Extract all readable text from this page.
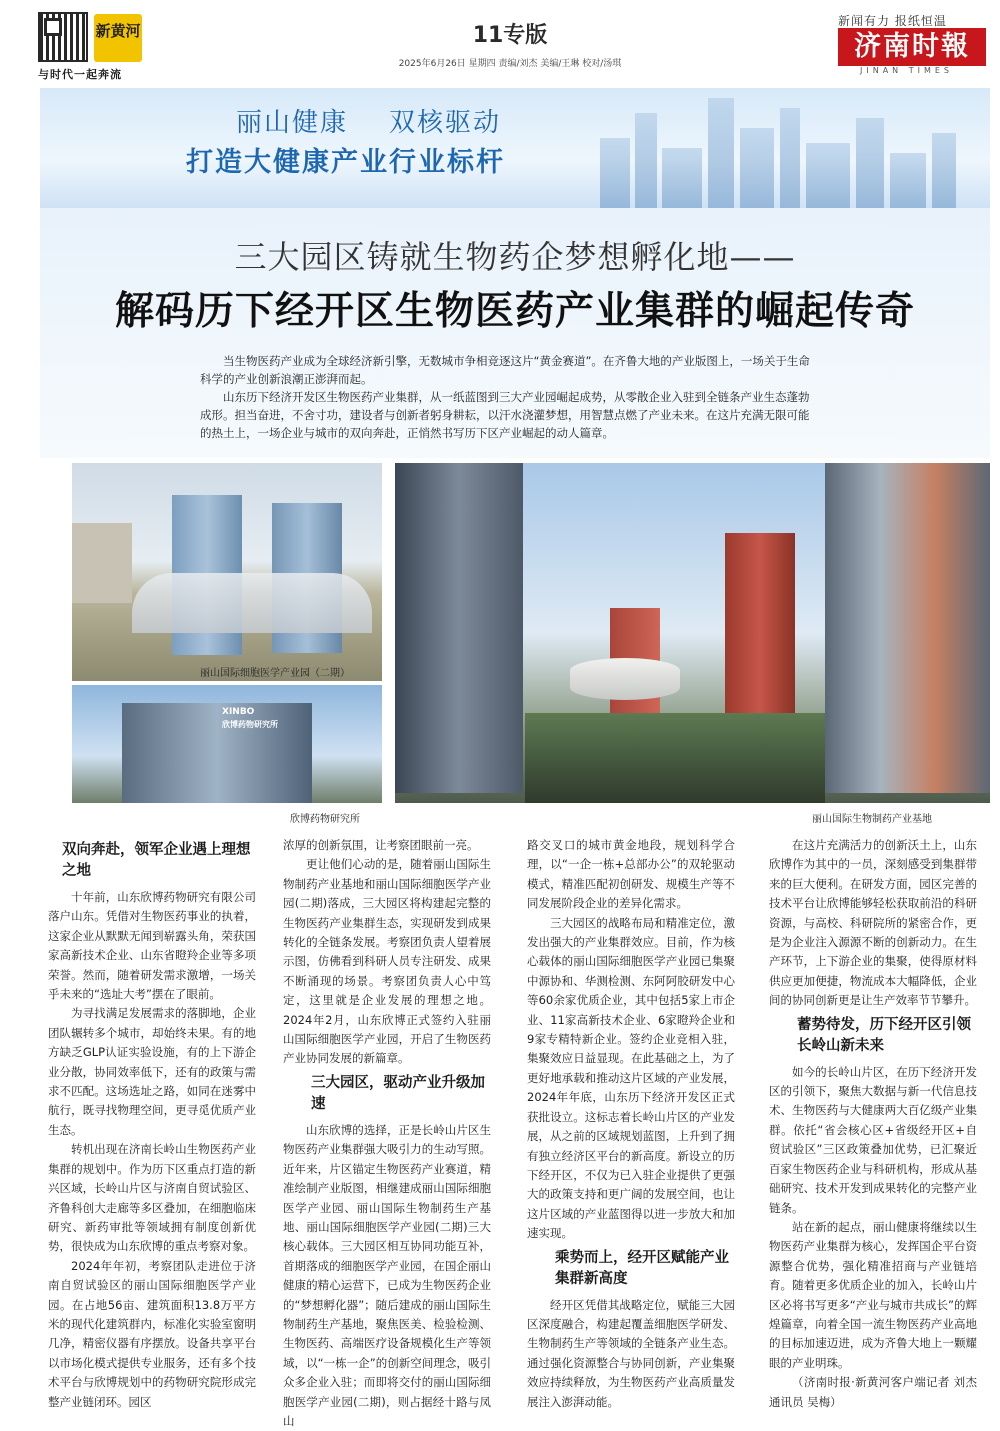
新黄河
与时代一起奔流
11专版
2025年6月26日 星期四 责编/刘杰 美编/王琳 校对/汤琪
新闻有力 报纸恒温
济南时報
JINAN TIMES
丽山健康    双核驱动
打造大健康产业行业标杆
三大园区铸就生物药企梦想孵化地——
解码历下经开区生物医药产业集群的崛起传奇

当生物医药产业成为全球经济新引擎，无数城市争相竞逐这片“黄金赛道”。在齐鲁大地的产业版图上，一场关于生命科学的产业创新浪潮正澎湃而起。

山东历下经济开发区生物医药产业集群，从一纸蓝图到三大产业园崛起成势，从零散企业入驻到全链条产业生态蓬勃成形。担当奋进，不舍寸功，建设者与创新者躬身耕耘，以汗水浇灌梦想，用智慧点燃了产业未来。在这片充满无限可能的热土上，一场企业与城市的双向奔赴，正悄然书写历下区产业崛起的动人篇章。

丽山国际细胞医学产业园（二期）
XINBO
欣博药物研究所
欣博药物研究所	丽山国际生物制药产业基地
双向奔赴，领军企业遇上理想之地

十年前，山东欣博药物研究有限公司落户山东。凭借对生物医药事业的执着，这家企业从默默无闻到崭露头角，荣获国家高新技术企业、山东省瞪羚企业等多项荣誉。然而，随着研发需求激增，一场关乎未来的“选址大考”摆在了眼前。

为寻找满足发展需求的落脚地，企业团队辗转多个城市，却始终未果。有的地方缺乏GLP认证实验设施，有的上下游企业分散，协同效率低下，还有的政策与需求不匹配。这场选址之路，如同在迷雾中航行，既寻找物理空间，更寻觅优质产业生态。

转机出现在济南长岭山生物医药产业集群的规划中。作为历下区重点打造的新兴区域，长岭山片区与济南自贸试验区、齐鲁科创大走廊等多区叠加，在细胞临床研究、新药审批等领域拥有制度创新优势，很快成为山东欣博的重点考察对象。

2024年年初，考察团队走进位于济南自贸试验区的丽山国际细胞医学产业园。在占地56亩、建筑面积13.8万平方米的现代化建筑群内，标准化实验室窗明几净，精密仪器有序摆放。设备共享平台以市场化模式提供专业服务，还有多个技术平台与欣博规划中的药物研究院形成完整产业链闭环。园区

浓厚的创新氛围，让考察团眼前一亮。

更让他们心动的是，随着丽山国际生物制药产业基地和丽山国际细胞医学产业园(二期)落成，三大园区将构建起完整的生物医药产业集群生态，实现研发到成果转化的全链条发展。考察团负责人望着展示图，仿佛看到科研人员专注研发、成果不断涌现的场景。考察团负责人心中笃定，这里就是企业发展的理想之地。2024年2月，山东欣博正式签约入驻丽山国际细胞医学产业园，开启了生物医药产业协同发展的新篇章。

三大园区，驱动产业升级加速

山东欣博的选择，正是长岭山片区生物医药产业集群强大吸引力的生动写照。近年来，片区锚定生物医药产业赛道，精准绘制产业版图，相继建成丽山国际细胞医学产业园、丽山国际生物制药生产基地、丽山国际细胞医学产业园(二期)三大核心载体。三大园区相互协同功能互补，首期落成的细胞医学产业园，在国企丽山健康的精心运营下，已成为生物医药企业的“梦想孵化器”；随后建成的丽山国际生物制药生产基地，聚焦医美、检验检测、生物医药、高端医疗设备规模化生产等领域，以“一栋一企”的创新空间理念，吸引众多企业入驻；而即将交付的丽山国际细胞医学产业园(二期)，则占据经十路与凤山

路交叉口的城市黄金地段，规划科学合理，以“一企一栋+总部办公”的双轮驱动模式，精准匹配初创研发、规模生产等不同发展阶段企业的差异化需求。

三大园区的战略布局和精准定位，激发出强大的产业集群效应。目前，作为核心载体的丽山国际细胞医学产业园已集聚中源协和、华测检测、东阿阿胶研发中心等60余家优质企业，其中包括5家上市企业、11家高新技术企业、6家瞪羚企业和9家专精特新企业。签约企业竞相入驻，集聚效应日益显现。在此基础之上，为了更好地承载和推动这片区域的产业发展，2024年年底，山东历下经济开发区正式获批设立。这标志着长岭山片区的产业发展，从之前的区域规划蓝图，上升到了拥有独立经济区平台的新高度。新设立的历下经开区，不仅为已入驻企业提供了更强大的政策支持和更广阔的发展空间，也让这片区域的产业蓝图得以进一步放大和加速实现。

乘势而上，经开区赋能产业集群新高度

经开区凭借其战略定位，赋能三大园区深度融合，构建起覆盖细胞医学研发、生物制药生产等领域的全链条产业生态。通过强化资源整合与协同创新，产业集聚效应持续释放，为生物医药产业高质量发展注入澎湃动能。

在这片充满活力的创新沃土上，山东欣博作为其中的一员，深刻感受到集群带来的巨大便利。在研发方面，园区完善的技术平台让欣博能够轻松获取前沿的科研资源，与高校、科研院所的紧密合作，更是为企业注入源源不断的创新动力。在生产环节，上下游企业的集聚，使得原材料供应更加便捷，物流成本大幅降低，企业间的协同创新更是让生产效率节节攀升。

蓄势待发，历下经开区引领长岭山新未来

如今的长岭山片区，在历下经济开发区的引领下，聚焦大数据与新一代信息技术、生物医药与大健康两大百亿级产业集群。依托“省会核心区+省级经开区+自贸试验区”三区政策叠加优势，已汇聚近百家生物医药企业与科研机构，形成从基础研究、技术开发到成果转化的完整产业链条。

站在新的起点，丽山健康将继续以生物医药产业集群为核心，发挥国企平台资源整合优势，强化精准招商与产业链培育。随着更多优质企业的加入，长岭山片区必将书写更多“产业与城市共成长”的辉煌篇章，向着全国一流生物医药产业高地的目标加速迈进，成为齐鲁大地上一颗耀眼的产业明珠。

（济南时报·新黄河客户端记者 刘杰 通讯员 吴梅）
